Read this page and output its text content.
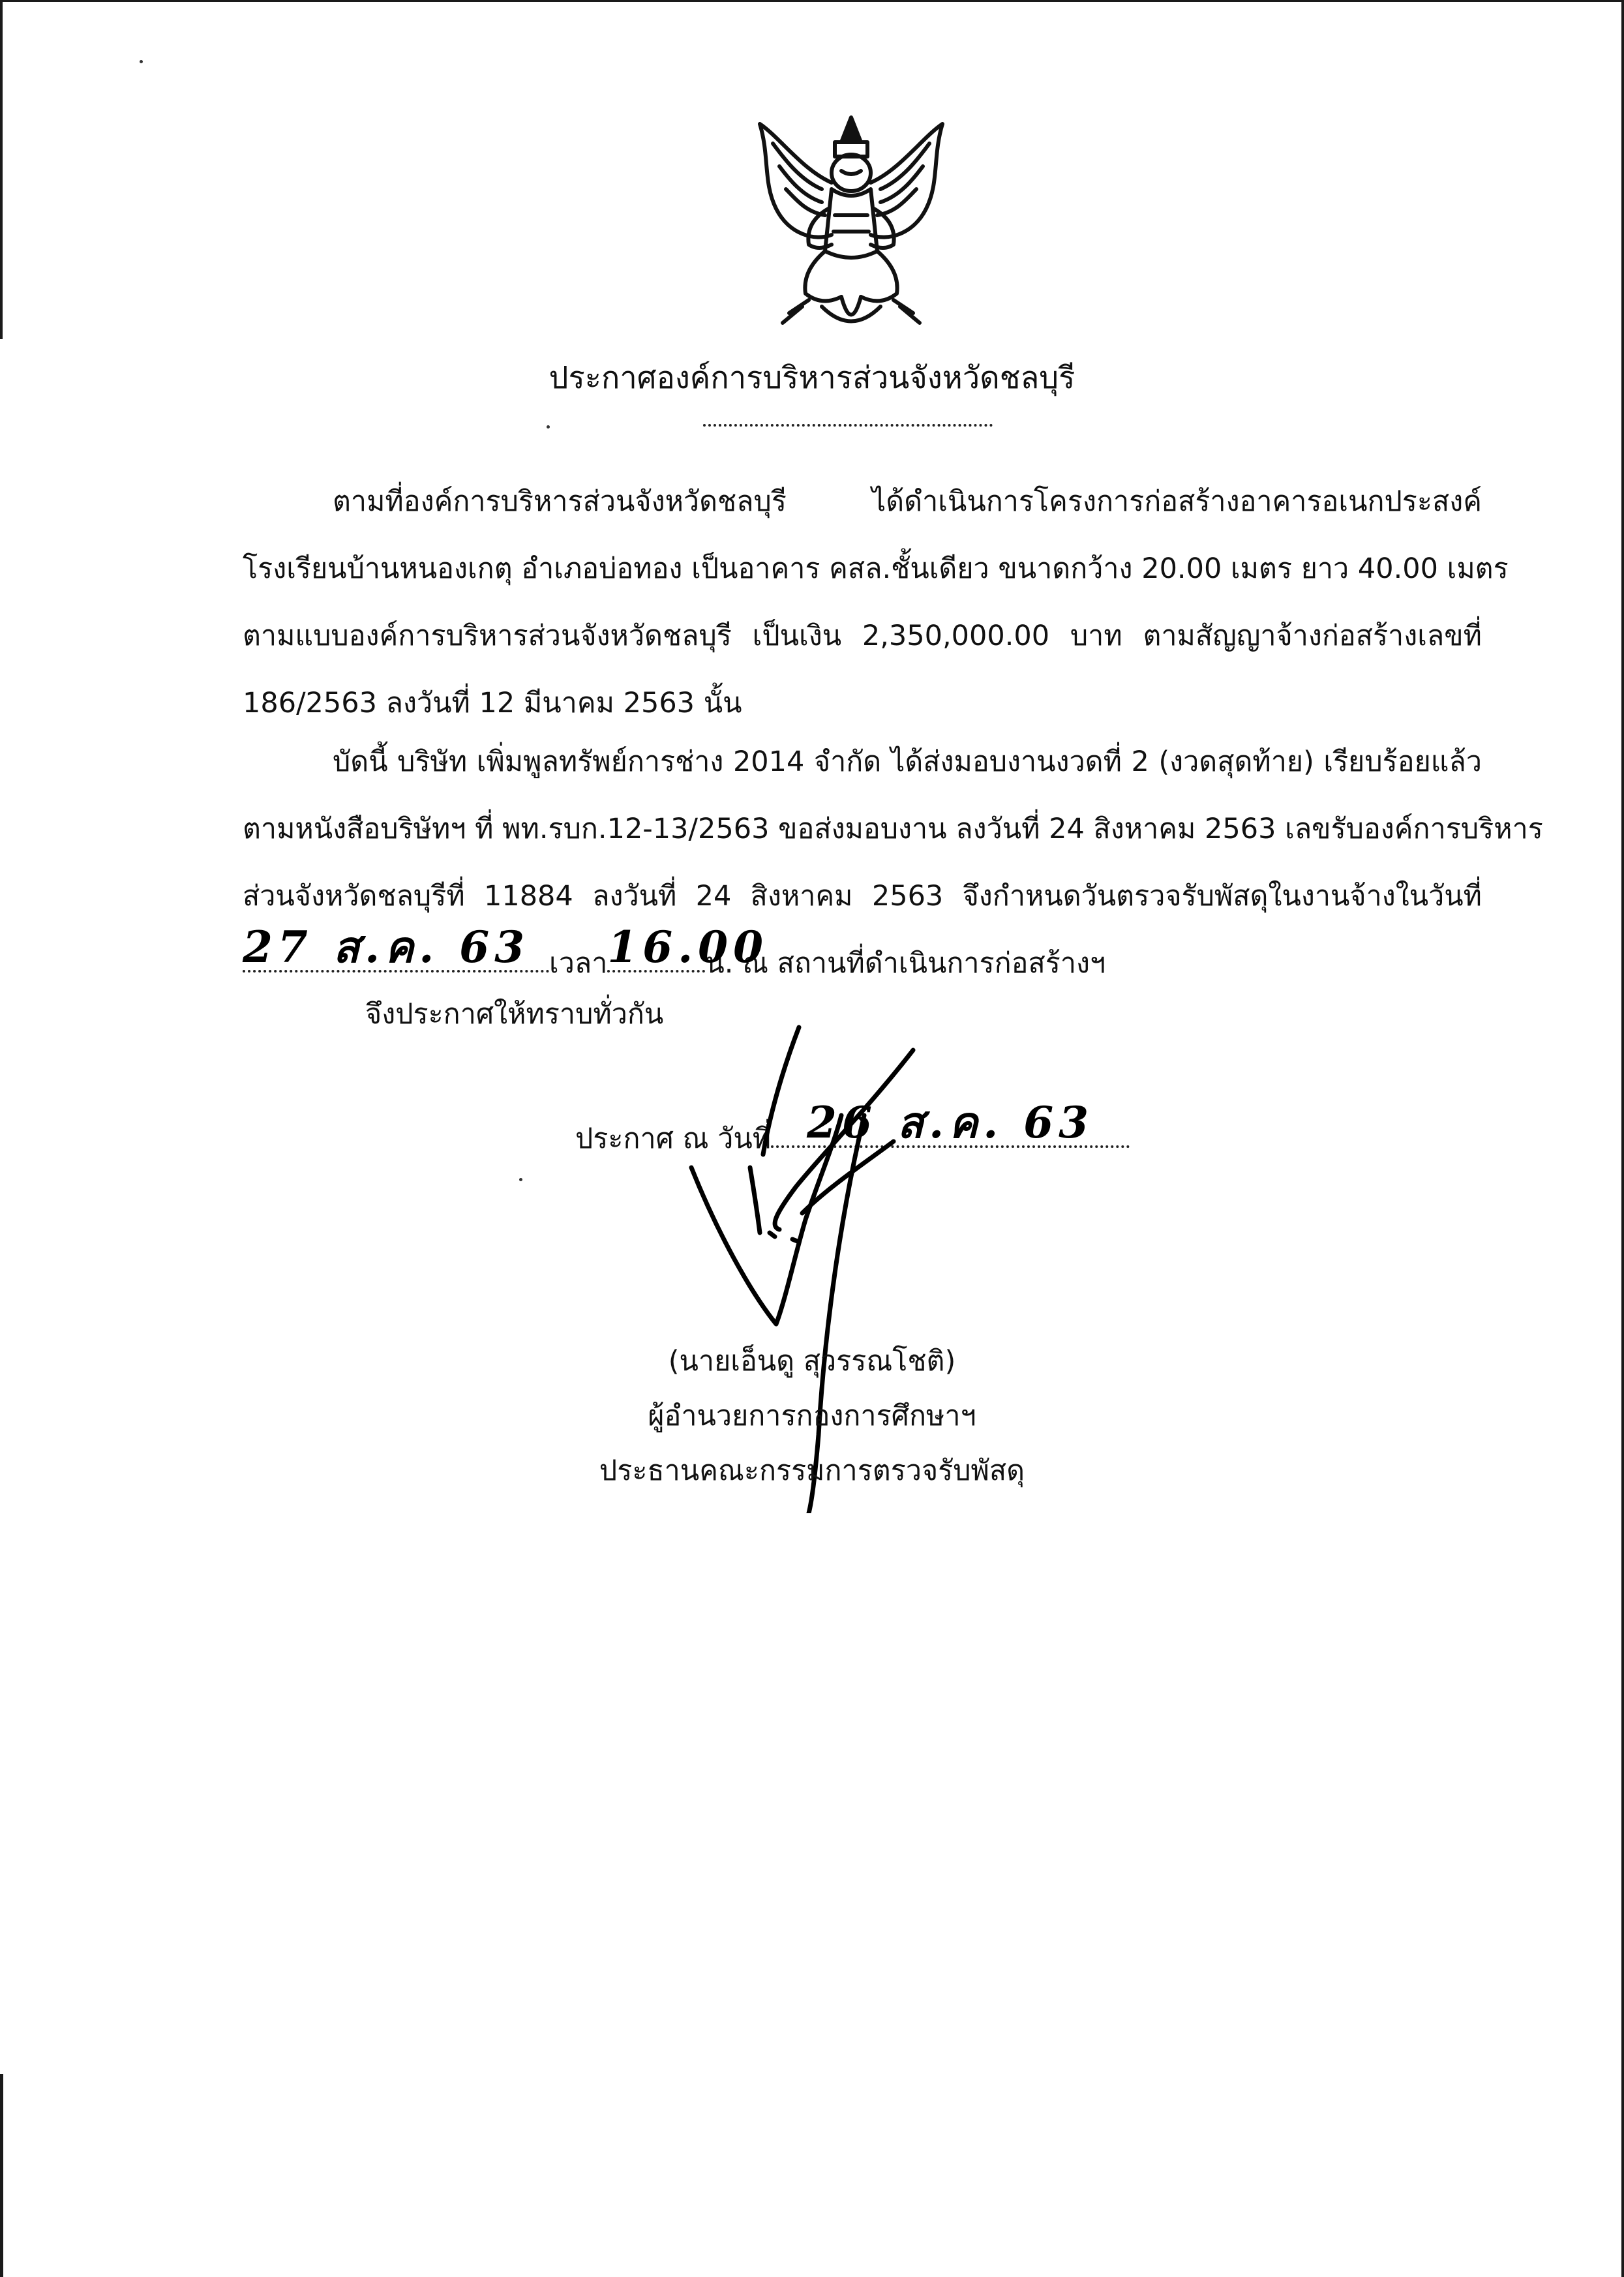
ประกาศองค์การบริหารส่วนจังหวัดชลบุรี
ตามที่องค์การบริหารส่วนจังหวัดชลบุรี ได้ดำเนินการโครงการก่อสร้างอาคารอเนกประสงค์
โรงเรียนบ้านหนองเกตุ อำเภอบ่อทอง เป็นอาคาร คสล.ชั้นเดียว ขนาดกว้าง 20.00 เมตร ยาว 40.00 เมตร
ตามแบบองค์การบริหารส่วนจังหวัดชลบุรี เป็นเงิน 2,350,000.00 บาท ตามสัญญาจ้างก่อสร้างเลขที่
186/2563 ลงวันที่ 12 มีนาคม 2563 นั้น
บัดนี้ บริษัท เพิ่มพูลทรัพย์การช่าง 2014 จำกัด ได้ส่งมอบงานงวดที่ 2 (งวดสุดท้าย) เรียบร้อยแล้ว
ตามหนังสือบริษัทฯ ที่ พท.รบก.12-13/2563 ขอส่งมอบงาน ลงวันที่ 24 สิงหาคม 2563 เลขรับองค์การบริหาร
ส่วนจังหวัดชลบุรีที่ 11884 ลงวันที่ 24 สิงหาคม 2563 จึงกำหนดวันตรวจรับพัสดุในงานจ้างในวันที่
27 ส.ค. 63 เวลา 16.00
น. ณ สถานที่ดำเนินการก่อสร้างฯ
จึงประกาศให้ทราบทั่วกัน
ประกาศ ณ วันที่ 26 ส.ค. 63
(นายเอ็นดู สุวรรณโชติ)
ผู้อำนวยการกองการศึกษาฯ
ประธานคณะกรรมการตรวจรับพัสดุ
